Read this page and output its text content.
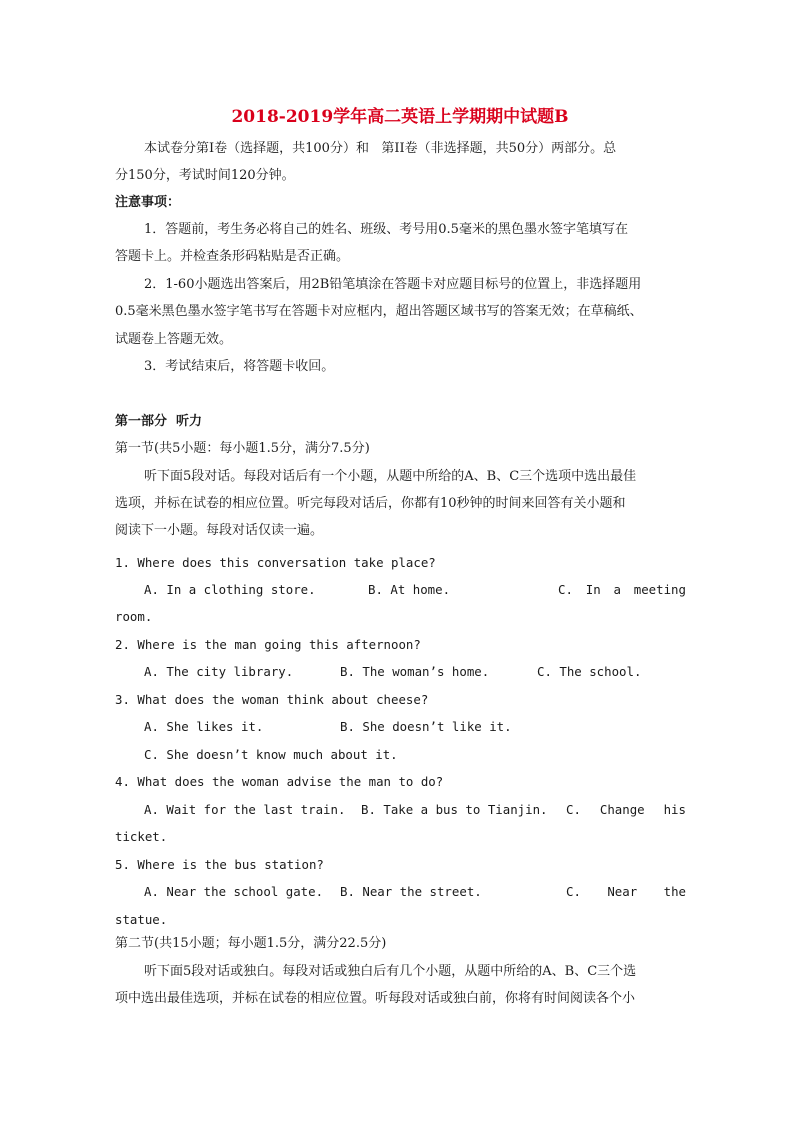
2018-2019学年高二英语上学期期中试题B
本试卷分第I卷（选择题，共100分）和   第II卷（非选择题，共50分）两部分。总
分150分，考试时间120分钟。
注意事项：
1．答题前，考生务必将自己的姓名、班级、考号用0.5毫米的黑色墨水签字笔填写在
答题卡上。并检查条形码粘贴是否正确。
2．1-60小题选出答案后，用2B铅笔填涂在答题卡对应题目标号的位置上，非选择题用
0.5毫米黑色墨水签字笔书写在答题卡对应框内，超出答题区域书写的答案无效；在草稿纸、
试题卷上答题无效。
3．考试结束后，将答题卡收回。
第一部分  听力
第一节(共5小题：每小题1.5分，满分7.5分)
听下面5段对话。每段对话后有一个小题，从题中所给的A、B、C三个选项中选出最佳
选项，并标在试卷的相应位置。听完每段对话后，你都有10秒钟的时间来回答有关小题和
阅读下一小题。每段对话仅读一遍。
1. Where does this conversation take place?
A. In a clothing store.	B. At home.	C. In a meeting
room.
2. Where is the man going this afternoon?
A. The city library.	B. The woman’s home.	C. The school.
3. What does the woman think about cheese?
A. She likes it.	B. She doesn’t like it.
C. She doesn’t know much about it.
4. What does the woman advise the man to do?
A. Wait for the last train. B. Take a bus to Tianjin. C. Change his
ticket.
5. Where is the bus station?
A. Near the school gate. B. Near the street.	C. Near the
statue.
第二节(共15小题；每小题1.5分，满分22.5分)
听下面5段对话或独白。每段对话或独白后有几个小题，从题中所给的A、B、C三个选
项中选出最佳选项，并标在试卷的相应位置。听每段对话或独白前，你将有时间阅读各个小
